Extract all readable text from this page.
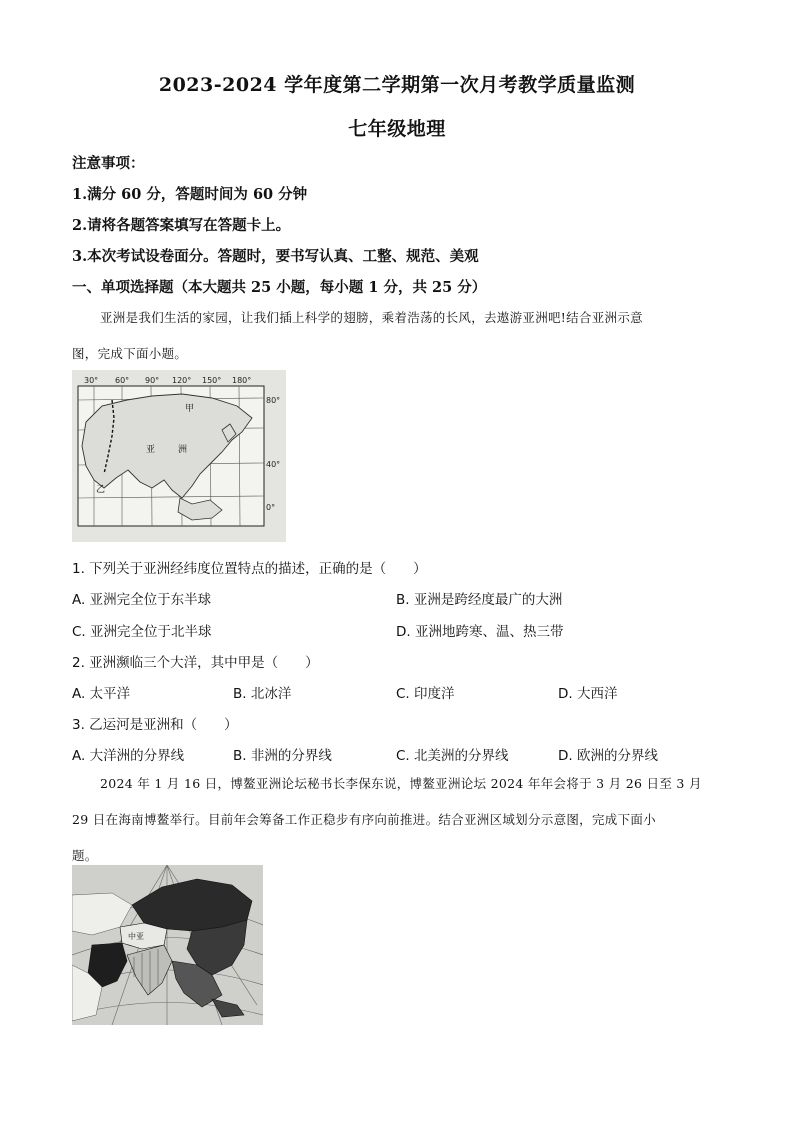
2023-2024 学年度第二学期第一次月考教学质量监测
七年级地理
注意事项：
1.满分 60 分，答题时间为 60 分钟
2.请将各题答案填写在答题卡上。
3.本次考试设卷面分。答题时，要书写认真、工整、规范、美观
一、单项选择题（本大题共 25 小题，每小题 1 分，共 25 分）
亚洲是我们生活的家园，让我们插上科学的翅膀，乘着浩荡的长风，去遨游亚洲吧!结合亚洲示意
图，完成下面小题。
30° 60° 90° 120° 150° 180°
80°
40°
0°
甲
亚	洲
乙
1. 下列关于亚洲经纬度位置特点的描述，正确的是（　　）
A. 亚洲完全位于东半球	B. 亚洲是跨经度最广的大洲
C. 亚洲完全位于北半球	D. 亚洲地跨寒、温、热三带
2. 亚洲濒临三个大洋，其中甲是（　　）
A. 太平洋	B. 北冰洋	C. 印度洋	D. 大西洋
3. 乙运河是亚洲和（　　）
A. 大洋洲的分界线	B. 非洲的分界线	C. 北美洲的分界线	D. 欧洲的分界线
2024 年 1 月 16 日，博鳌亚洲论坛秘书长李保东说，博鳌亚洲论坛 2024 年年会将于 3 月 26 日至 3 月
29 日在海南博鳌举行。目前年会筹备工作正稳步有序向前推进。结合亚洲区域划分示意图，完成下面小
题。
中亚
